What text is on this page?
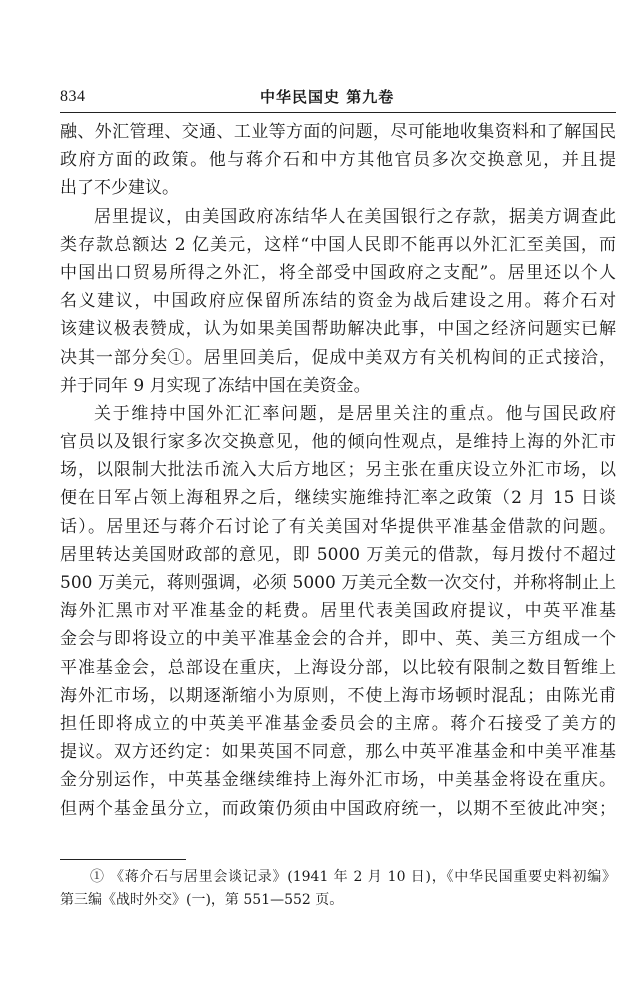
834	中华民国史 第九卷
融、外汇管理、交通、工业等方面的问题，尽可能地收集资料和了解国民
政府方面的政策。他与蒋介石和中方其他官员多次交换意见，并且提
出了不少建议。
居里提议，由美国政府冻结华人在美国银行之存款，据美方调查此
类存款总额达 2 亿美元，这样“中国人民即不能再以外汇汇至美国，而
中国出口贸易所得之外汇，将全部受中国政府之支配”。居里还以个人
名义建议，中国政府应保留所冻结的资金为战后建设之用。蒋介石对
该建议极表赞成，认为如果美国帮助解决此事，中国之经济问题实已解
决其一部分矣①。居里回美后，促成中美双方有关机构间的正式接洽，
并于同年 9 月实现了冻结中国在美资金。
关于维持中国外汇汇率问题，是居里关注的重点。他与国民政府
官员以及银行家多次交换意见，他的倾向性观点，是维持上海的外汇市
场，以限制大批法币流入大后方地区；另主张在重庆设立外汇市场，以
便在日军占领上海租界之后，继续实施维持汇率之政策（2 月 15 日谈
话）。居里还与蒋介石讨论了有关美国对华提供平准基金借款的问题。
居里转达美国财政部的意见，即 5000 万美元的借款，每月拨付不超过
500 万美元，蒋则强调，必须 5000 万美元全数一次交付，并称将制止上
海外汇黑市对平准基金的耗费。居里代表美国政府提议，中英平准基
金会与即将设立的中美平准基金会的合并，即中、英、美三方组成一个
平准基金会，总部设在重庆，上海设分部，以比较有限制之数目暂维上
海外汇市场，以期逐渐缩小为原则，不使上海市场顿时混乱；由陈光甫
担任即将成立的中英美平准基金委员会的主席。蒋介石接受了美方的
提议。双方还约定：如果英国不同意，那么中英平准基金和中美平准基
金分别运作，中英基金继续维持上海外汇市场，中美基金将设在重庆。
但两个基金虽分立，而政策仍须由中国政府统一，以期不至彼此冲突；
① 《蒋介石与居里会谈记录》(1941 年 2 月 10 日)，《中华民国重要史料初编》
第三编《战时外交》(一)，第 551—552 页。
